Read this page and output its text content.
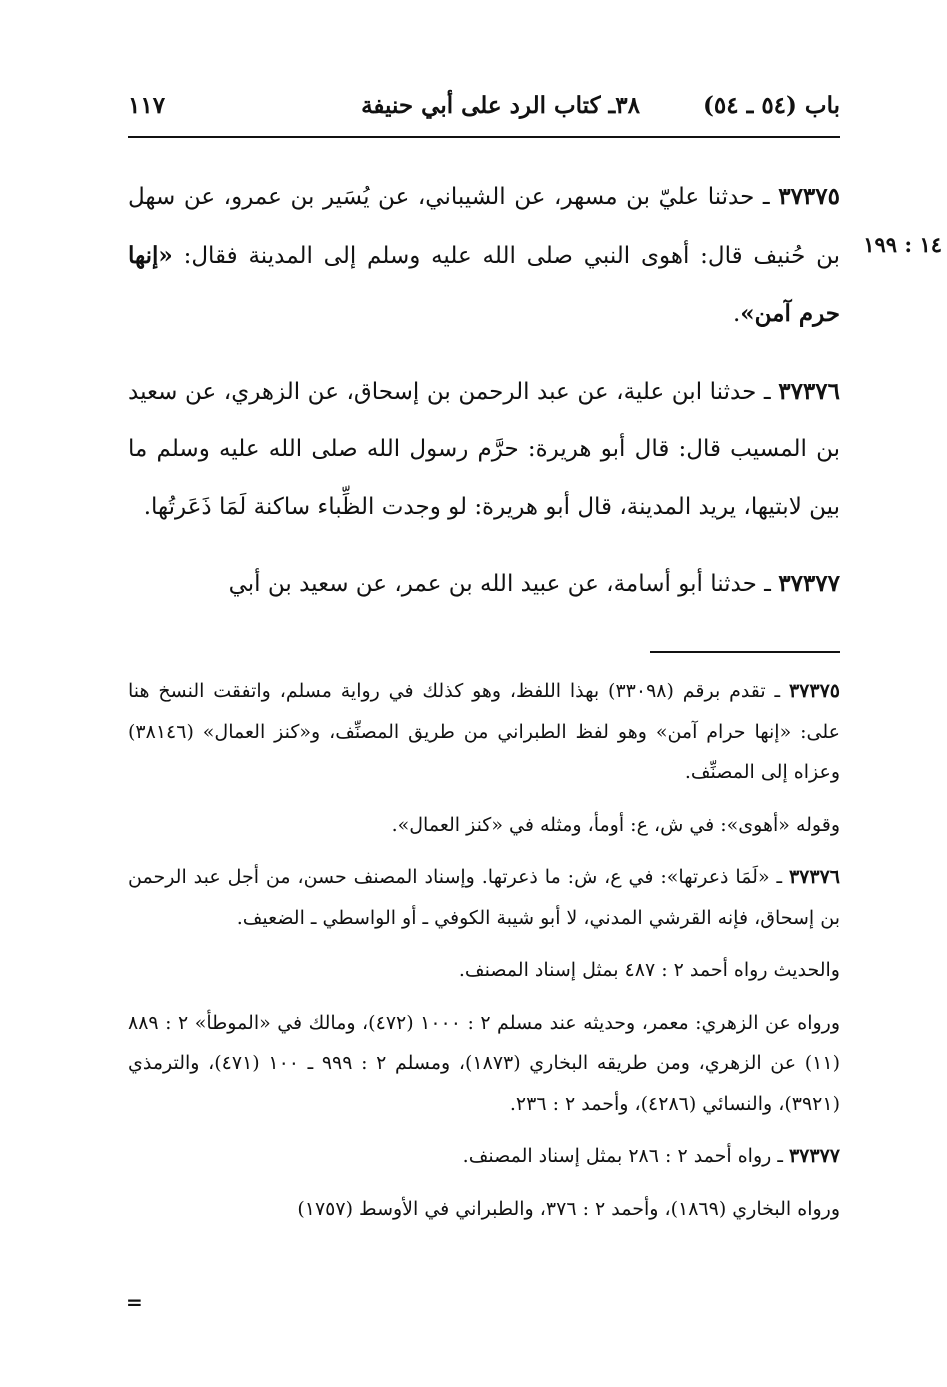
باب (٥٤ ـ ٥٤)
٣٨ـ كتاب الرد على أبي حنيفة
١١٧
١٤ : ١٩٩

٣٧٣٧٥ ـ حدثنا عليّ بن مسهر، عن الشيباني، عن يُسَير بن عمرو، عن سهل بن حُنيف قال: أهوى النبي صلى الله عليه وسلم إلى المدينة فقال: «إنها حرم آمن».

٣٧٣٧٦ ـ حدثنا ابن علية، عن عبد الرحمن بن إسحاق، عن الزهري، عن سعيد بن المسيب قال: قال أبو هريرة: حرَّم رسول الله صلى الله عليه وسلم ما بين لابتيها، يريد المدينة، قال أبو هريرة: لو وجدت الظِّباء ساكنة لَمَا ذَعَرتُها.

٣٧٣٧٧ ـ حدثنا أبو أسامة، عن عبيد الله بن عمر، عن سعيد بن أبي

٣٧٣٧٥ ـ تقدم برقم (٣٣٠٩٨) بهذا اللفظ، وهو كذلك في رواية مسلم، واتفقت النسخ هنا على: «إنها حرام آمن» وهو لفظ الطبراني من طريق المصنِّف، و«كنز العمال» (٣٨١٤٦) وعزاه إلى المصنِّف.

وقوله «أهوى»: في ش، ع: أومأ، ومثله في «كنز العمال».

٣٧٣٧٦ ـ «لَمَا ذعرتها»: في ع، ش: ما ذعرتها. وإسناد المصنف حسن، من أجل عبد الرحمن بن إسحاق، فإنه القرشي المدني، لا أبو شيبة الكوفي ـ أو الواسطي ـ الضعيف.

والحديث رواه أحمد ٢ : ٤٨٧ بمثل إسناد المصنف.

ورواه عن الزهري: معمر، وحديثه عند مسلم ٢ : ١٠٠٠ (٤٧٢)، ومالك في «الموطأ» ٢ : ٨٨٩ (١١) عن الزهري، ومن طريقه البخاري (١٨٧٣)، ومسلم ٢ : ٩٩٩ ـ ١٠٠ (٤٧١)، والترمذي (٣٩٢١)، والنسائي (٤٢٨٦)، وأحمد ٢ : ٢٣٦.

٣٧٣٧٧ ـ رواه أحمد ٢ : ٢٨٦ بمثل إسناد المصنف.

ورواه البخاري (١٨٦٩)، وأحمد ٢ : ٣٧٦، والطبراني في الأوسط (١٧٥٧)

=
